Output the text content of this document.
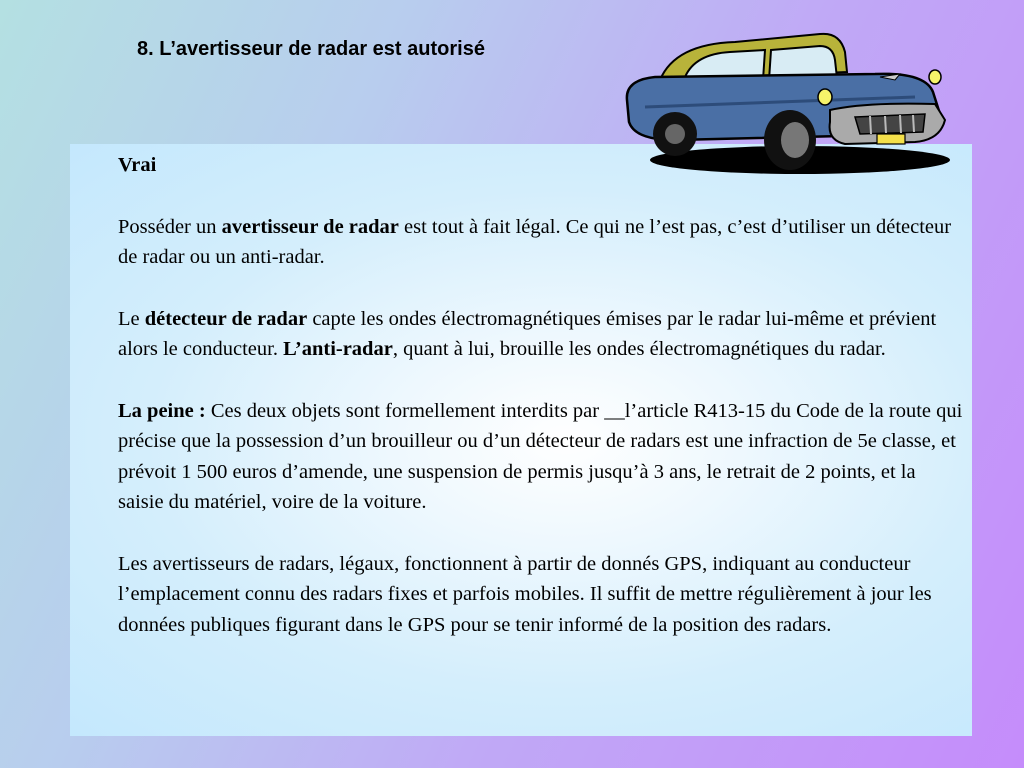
8. L’avertisseur de radar est autorisé

Vrai

Posséder un avertisseur de radar est tout à fait légal. Ce qui ne l’est pas, c’est d’utiliser un détecteur de radar ou un anti-radar.

Le détecteur de radar capte les ondes électromagnétiques émises par le radar lui-même et prévient alors le conducteur. L’anti-radar, quant à lui, brouille les ondes électromagnétiques du radar.

La peine : Ces deux objets sont formellement interdits par __l’article R413-15 du Code de la route qui précise que la possession d’un brouilleur ou d’un détecteur de radars est une infraction de 5e classe, et prévoit 1 500 euros d’amende, une suspension de permis jusqu’à 3 ans, le retrait de 2 points, et la saisie du matériel, voire de la voiture.

Les avertisseurs de radars, légaux, fonctionnent à partir de donnés GPS, indiquant au conducteur l’emplacement connu des radars fixes et parfois mobiles. Il suffit de mettre régulièrement à jour les données publiques figurant dans le GPS pour se tenir informé de la position des radars.
